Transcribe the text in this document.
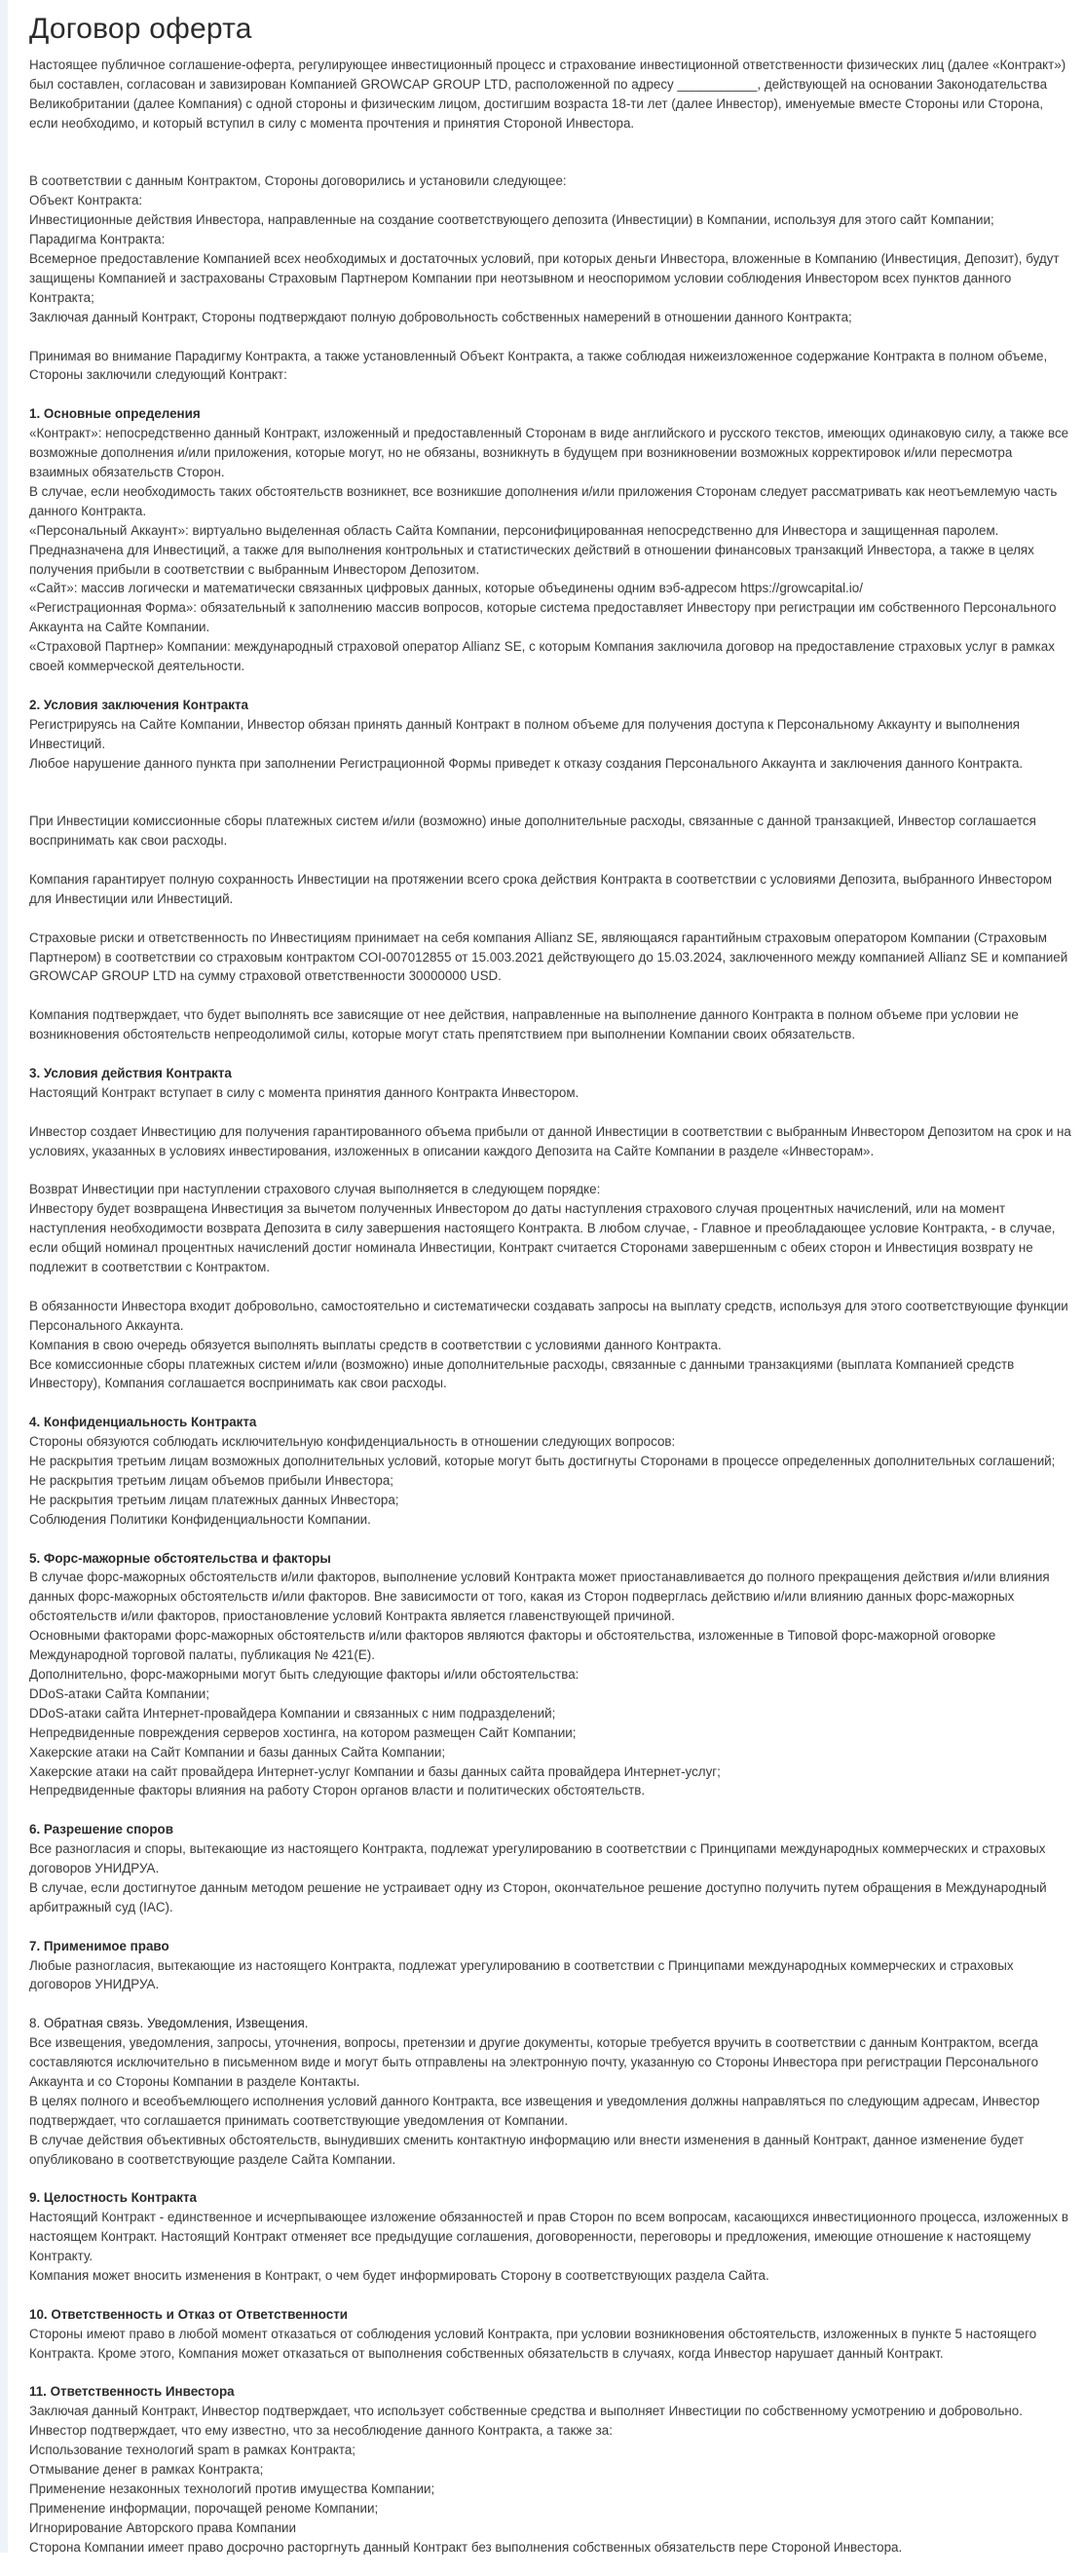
Договор оферта

Настоящее публичное соглашение-оферта, регулирующее инвестиционный процесс и страхование инвестиционной ответственности физических лиц (далее «Контракт») был составлен, согласован и завизирован Компанией GROWCAP GROUP LTD, расположенной по адресу ___________, действующей на основании Законодательства Великобритании (далее Компания) с одной стороны и физическим лицом, достигшим возраста 18-ти лет (далее Инвестор), именуемые вместе Стороны или Сторона, если необходимо, и который вступил в силу с момента прочтения и принятия Стороной Инвестора.

В соответствии с данным Контрактом, Стороны договорились и установили следующее:

Объект Контракта:

Инвестиционные действия Инвестора, направленные на создание соответствующего депозита (Инвестиции) в Компании, используя для этого сайт Компании;

Парадигма Контракта:

Всемерное предоставление Компанией всех необходимых и достаточных условий, при которых деньги Инвестора, вложенные в Компанию (Инвестиция, Депозит), будут защищены Компанией и застрахованы Страховым Партнером Компании при неотзывном и неоспоримом условии соблюдения Инвестором всех пунктов данного Контракта;

Заключая данный Контракт, Стороны подтверждают полную добровольность собственных намерений в отношении данного Контракта;

Принимая во внимание Парадигму Контракта, а также установленный Объект Контракта, а также соблюдая нижеизложенное содержание Контракта в полном объеме,

Стороны заключили следующий Контракт:

1. Основные определения

«Контракт»: непосредственно данный Контракт, изложенный и предоставленный Сторонам в виде английского и русского текстов, имеющих одинаковую силу, а также все возможные дополнения и/или приложения, которые могут, но не обязаны, возникнуть в будущем при возникновении возможных корректировок и/или пересмотра взаимных обязательств Сторон.

В случае, если необходимость таких обстоятельств возникнет, все возникшие дополнения и/или приложения Сторонам следует рассматривать как неотъемлемую часть данного Контракта.

«Персональный Аккаунт»: виртуально выделенная область Сайта Компании, персонифицированная непосредственно для Инвестора и защищенная паролем. Предназначена для Инвестиций, а также для выполнения контрольных и статистических действий в отношении финансовых транзакций Инвестора, а также в целях получения прибыли в соответствии с выбранным Инвестором Депозитом.

«Сайт»: массив логически и математически связанных цифровых данных, которые объединены одним вэб-адресом https://growcapital.io/

«Регистрационная Форма»: обязательный к заполнению массив вопросов, которые система предоставляет Инвестору при регистрации им собственного Персонального Аккаунта на Сайте Компании.

«Страховой Партнер» Компании: международный страховой оператор Allianz SE, с которым Компания заключила договор на предоставление страховых услуг в рамках своей коммерческой деятельности.

2. Условия заключения Контракта

Регистрируясь на Сайте Компании, Инвестор обязан принять данный Контракт в полном объеме для получения доступа к Персональному Аккаунту и выполнения Инвестиций.

Любое нарушение данного пункта при заполнении Регистрационной Формы приведет к отказу создания Персонального Аккаунта и заключения данного Контракта.

При Инвестиции комиссионные сборы платежных систем и/или (возможно) иные дополнительные расходы, связанные с данной транзакцией, Инвестор соглашается воспринимать как свои расходы.

Компания гарантирует полную сохранность Инвестиции на протяжении всего срока действия Контракта в соответствии с условиями Депозита, выбранного Инвестором для Инвестиции или Инвестиций.

Страховые риски и ответственность по Инвестициям принимает на себя компания Allianz SE, являющаяся гарантийным страховым оператором Компании (Страховым Партнером) в соответствии со страховым контрактом COI-007012855 от 15.003.2021 действующего до 15.03.2024, заключенного между компанией Allianz SE и компанией GROWCAP GROUP LTD на сумму страховой ответственности 30000000 USD.

Компания подтверждает, что будет выполнять все зависящие от нее действия, направленные на выполнение данного Контракта в полном объеме при условии не возникновения обстоятельств непреодолимой силы, которые могут стать препятствием при выполнении Компании своих обязательств.

3. Условия действия Контракта

Настоящий Контракт вступает в силу с момента принятия данного Контракта Инвестором.

Инвестор создает Инвестицию для получения гарантированного объема прибыли от данной Инвестиции в соответствии с выбранным Инвестором Депозитом на срок и на условиях, указанных в условиях инвестирования, изложенных в описании каждого Депозита на Сайте Компании в разделе «Инвесторам».

Возврат Инвестиции при наступлении страхового случая выполняется в следующем порядке:

Инвестору будет возвращена Инвестиция за вычетом полученных Инвестором до даты наступления страхового случая процентных начислений, или на момент наступления необходимости возврата Депозита в силу завершения настоящего Контракта. В любом случае, - Главное и преобладающее условие Контракта, - в случае, если общий номинал процентных начислений достиг номинала Инвестиции, Контракт считается Сторонами завершенным с обеих сторон и Инвестиция возврату не подлежит в соответствии с Контрактом.

В обязанности Инвестора входит добровольно, самостоятельно и систематически создавать запросы на выплату средств, используя для этого соответствующие функции Персонального Аккаунта.

Компания в свою очередь обязуется выполнять выплаты средств в соответствии с условиями данного Контракта.

Все комиссионные сборы платежных систем и/или (возможно) иные дополнительные расходы, связанные с данными транзакциями (выплата Компанией средств Инвестору), Компания соглашается воспринимать как свои расходы.

4. Конфиденциальность Контракта

Стороны обязуются соблюдать исключительную конфиденциальность в отношении следующих вопросов:

Не раскрытия третьим лицам возможных дополнительных условий, которые могут быть достигнуты Сторонами в процессе определенных дополнительных соглашений;

Не раскрытия третьим лицам объемов прибыли Инвестора;

Не раскрытия третьим лицам платежных данных Инвестора;

Соблюдения Политики Конфиденциальности Компании.

5. Форс-мажорные обстоятельства и факторы

В случае форс-мажорных обстоятельств и/или факторов, выполнение условий Контракта может приостанавливается до полного прекращения действия и/или влияния данных форс-мажорных обстоятельств и/или факторов. Вне зависимости от того, какая из Сторон подверглась действию и/или влиянию данных форс-мажорных обстоятельств и/или факторов, приостановление условий Контракта является главенствующей причиной.

Основными факторами форс-мажорных обстоятельств и/или факторов являются факторы и обстоятельства, изложенные в Типовой форс-мажорной оговорке Международной торговой палаты, публикация № 421(E).

Дополнительно, форс-мажорными могут быть следующие факторы и/или обстоятельства:

DDoS-атаки Сайта Компании;

DDoS-атаки сайта Интернет-провайдера Компании и связанных с ним подразделений;

Непредвиденные повреждения серверов хостинга, на котором размещен Сайт Компании;

Хакерские атаки на Сайт Компании и базы данных Сайта Компании;

Хакерские атаки на сайт провайдера Интернет-услуг Компании и базы данных сайта провайдера Интернет-услуг;

Непредвиденные факторы влияния на работу Сторон органов власти и политических обстоятельств.

6. Разрешение споров

Все разногласия и споры, вытекающие из настоящего Контракта, подлежат урегулированию в соответствии с Принципами международных коммерческих и страховых договоров УНИДРУА.

В случае, если достигнутое данным методом решение не устраивает одну из Сторон, окончательное решение доступно получить путем обращения в Международный арбитражный суд (IAC).

7. Применимое право

Любые разногласия, вытекающие из настоящего Контракта, подлежат урегулированию в соответствии с Принципами международных коммерческих и страховых договоров УНИДРУА.

8. Обратная связь. Уведомления, Извещения.

Все извещения, уведомления, запросы, уточнения, вопросы, претензии и другие документы, которые требуется вручить в соответствии с данным Контрактом, всегда составляются исключительно в письменном виде и могут быть отправлены на электронную почту, указанную со Стороны Инвестора при регистрации Персонального Аккаунта и со Стороны Компании в разделе Контакты.

В целях полного и всеобъемлющего исполнения условий данного Контракта, все извещения и уведомления должны направляться по следующим адресам, Инвестор подтверждает, что соглашается принимать соответствующие уведомления от Компании.

В случае действия объективных обстоятельств, вынудивших сменить контактную информацию или внести изменения в данный Контракт, данное изменение будет опубликовано в соответствующие разделе Сайта Компании.

9. Целостность Контракта

Настоящий Контракт - единственное и исчерпывающее изложение обязанностей и прав Сторон по всем вопросам, касающихся инвестиционного процесса, изложенных в настоящем Контракт. Настоящий Контракт отменяет все предыдущие соглашения, договоренности, переговоры и предложения, имеющие отношение к настоящему Контракту.

Компания может вносить изменения в Контракт, о чем будет информировать Сторону в соответствующих раздела Сайта.

10. Ответственность и Отказ от Ответственности

Стороны имеют право в любой момент отказаться от соблюдения условий Контракта, при условии возникновения обстоятельств, изложенных в пункте 5 настоящего Контракта. Кроме этого, Компания может отказаться от выполнения собственных обязательств в случаях, когда Инвестор нарушает данный Контракт.

11. Ответственность Инвестора

Заключая данный Контракт, Инвестор подтверждает, что использует собственные средства и выполняет Инвестиции по собственному усмотрению и добровольно.

Инвестор подтверждает, что ему известно, что за несоблюдение данного Контракта, а также за:

Использование технологий spam в рамках Контракта;

Отмывание денег в рамках Контракта;

Применение незаконных технологий против имущества Компании;

Применение информации, порочащей реноме Компании;

Игнорирование Авторского права Компании

Сторона Компании имеет право досрочно расторгнуть данный Контракт без выполнения собственных обязательств пере Стороной Инвестора.
